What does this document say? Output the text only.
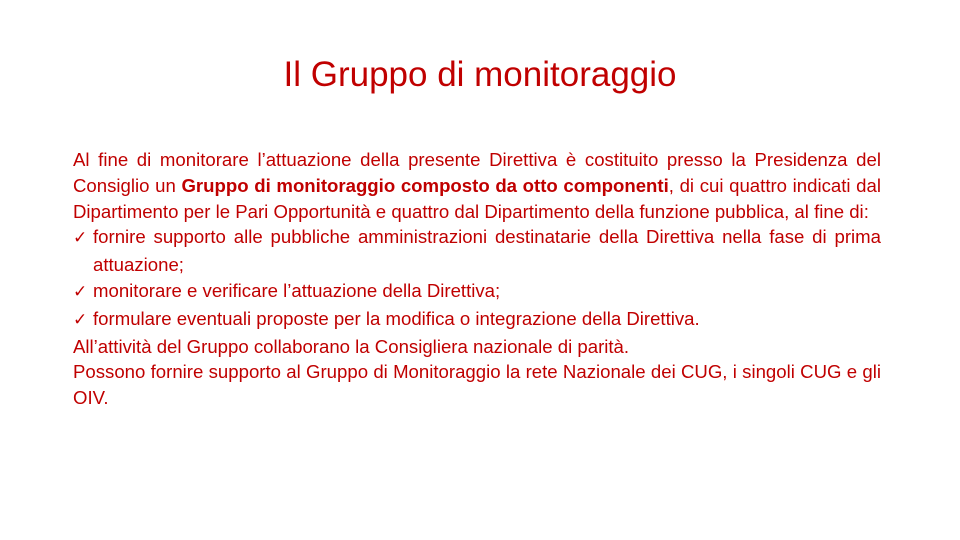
Il Gruppo di monitoraggio

Al fine di monitorare l’attuazione della presente Direttiva è costituito presso la Presidenza del Consiglio un Gruppo di monitoraggio composto da otto componenti, di cui quattro indicati dal Dipartimento per le Pari Opportunità e quattro dal Dipartimento della funzione pubblica, al fine di:

✓ fornire supporto alle pubbliche amministrazioni destinatarie della Direttiva nella fase di prima attuazione;

✓ monitorare e verificare l’attuazione della Direttiva;

✓ formulare eventuali proposte per la modifica o integrazione della Direttiva.

All’attività del Gruppo collaborano la Consigliera nazionale di parità.

Possono fornire supporto al Gruppo di Monitoraggio la rete Nazionale dei CUG, i singoli CUG e gli OIV.
